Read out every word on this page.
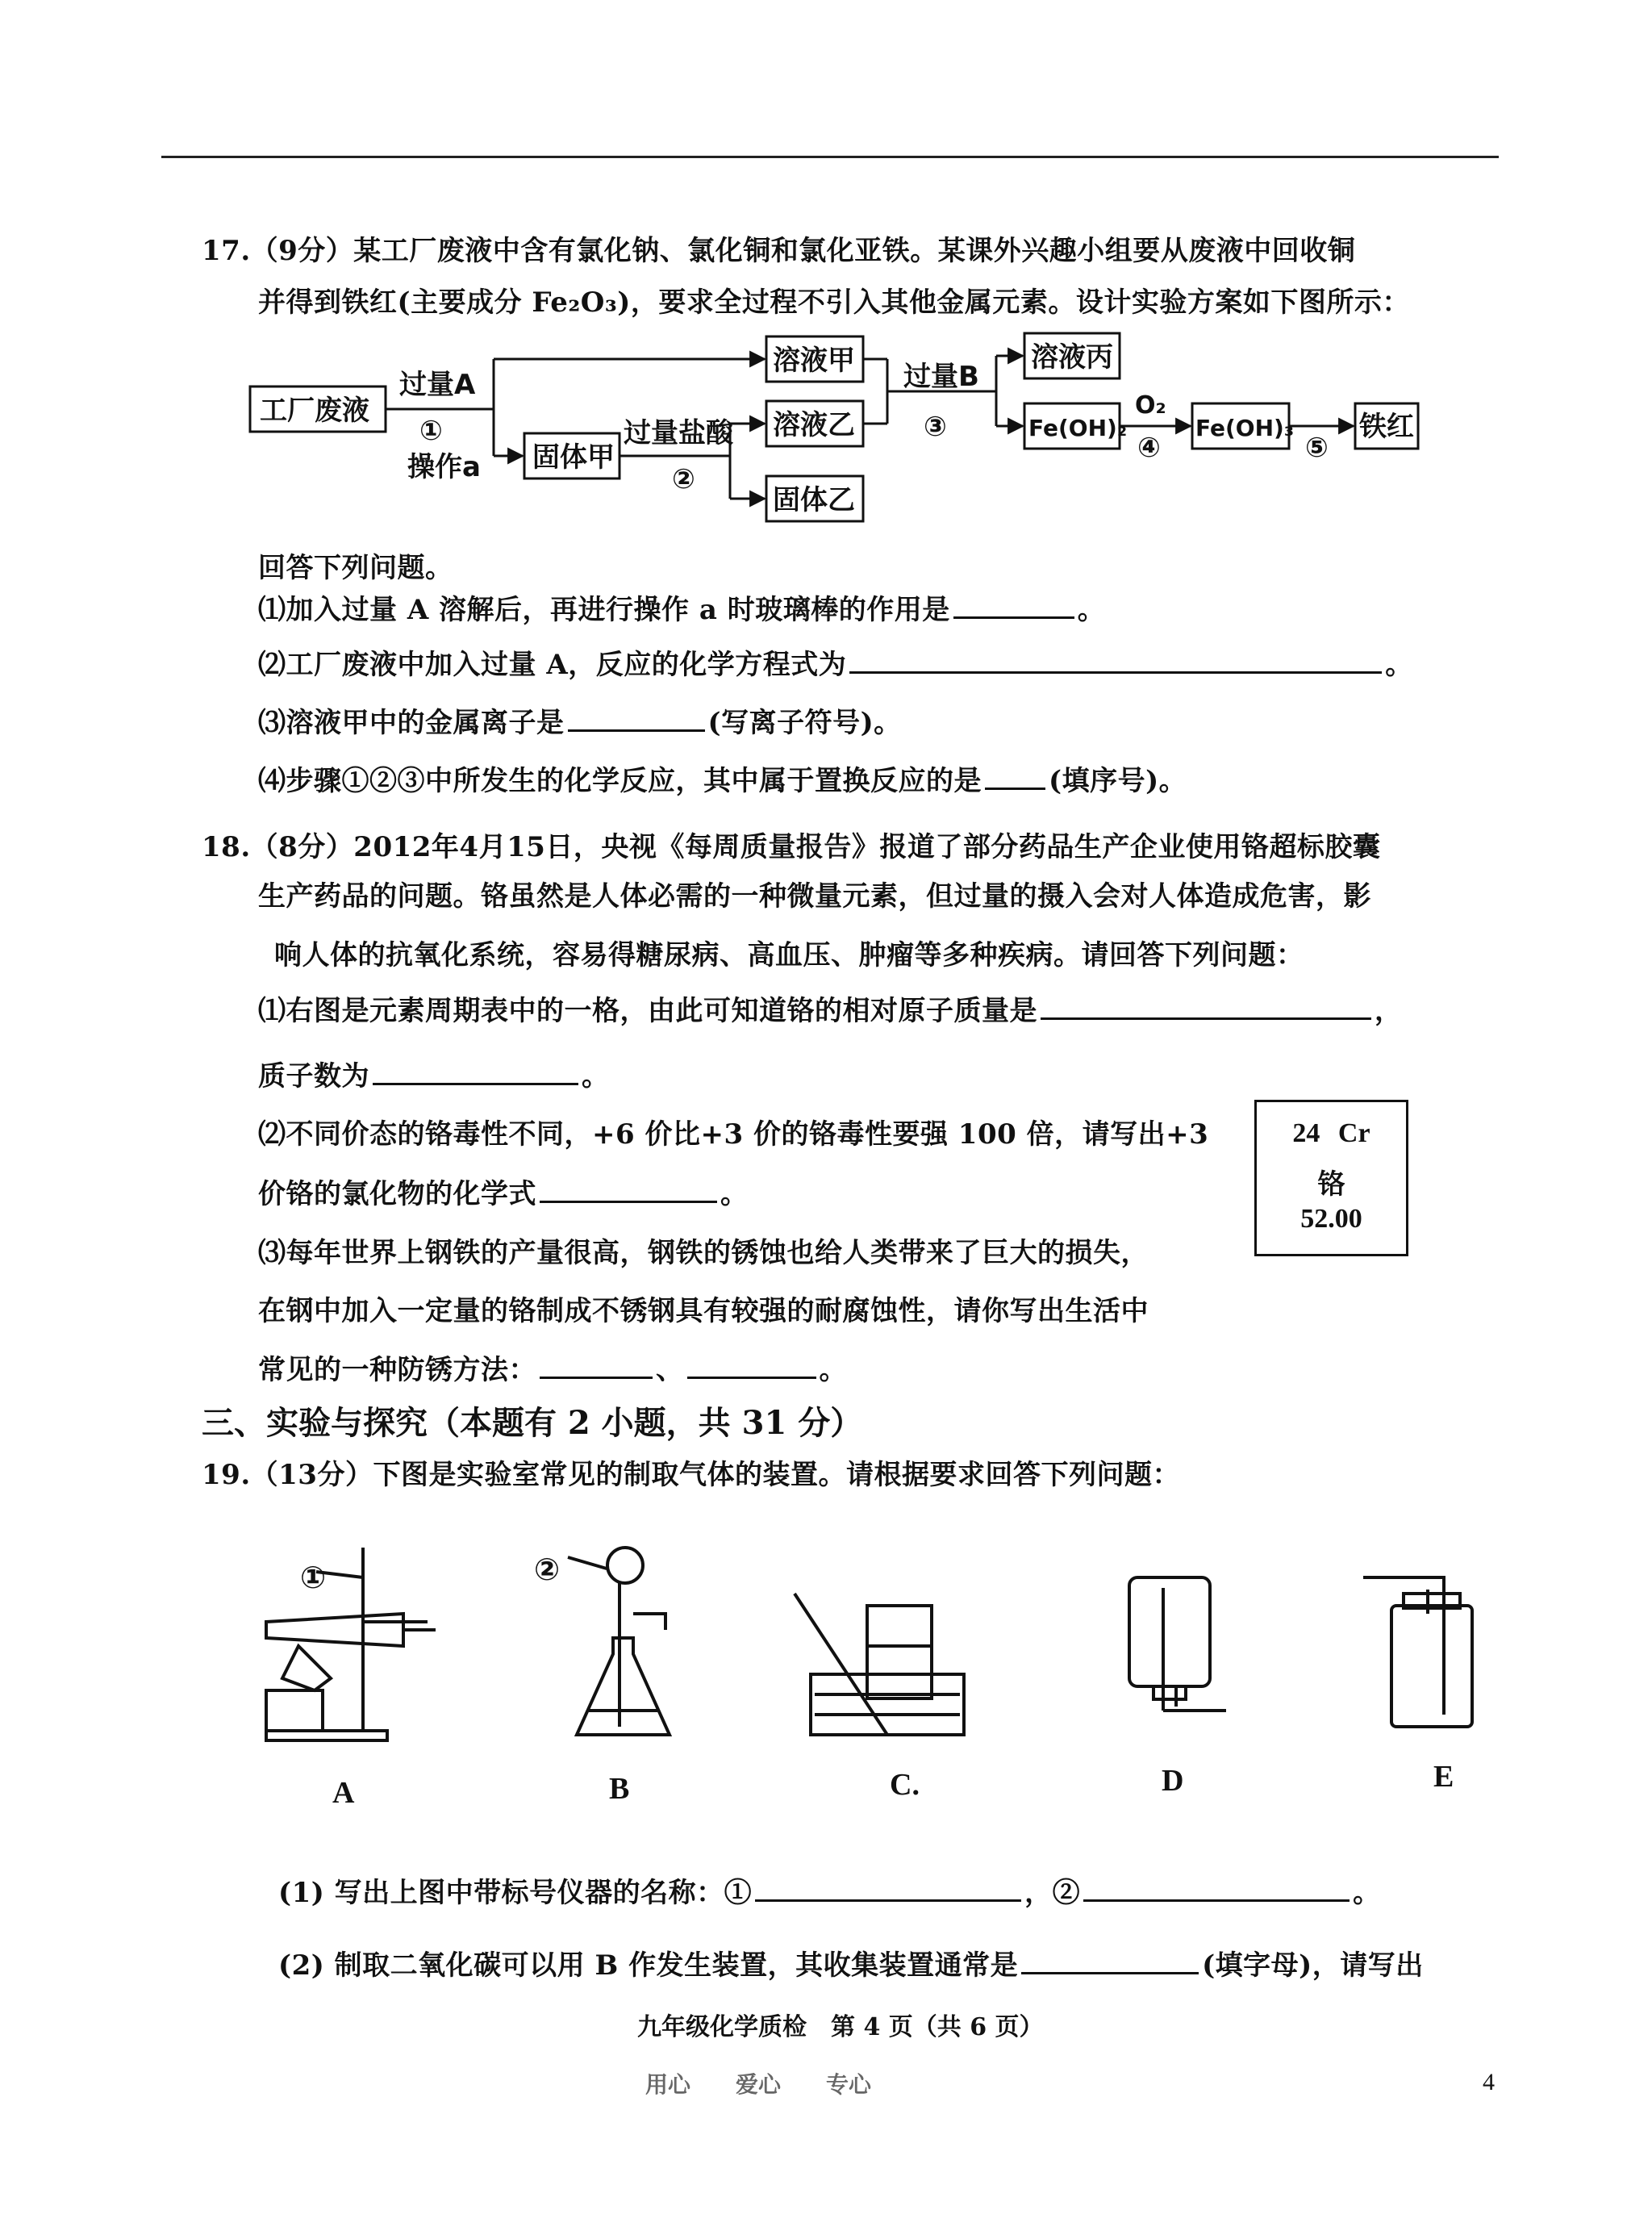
17.（9分）某工厂废液中含有氯化钠、氯化铜和氯化亚铁。某课外兴趣小组要从废液中回收铜
并得到铁红(主要成分 Fe₂O₃)，要求全过程不引入其他金属元素。设计实验方案如下图所示：
工厂废液
过量A
①
操作a 固体甲
过量盐酸
②
溶液甲
溶液乙
固体乙
过量B
③
溶液丙
Fe(OH)₂
O₂
④
Fe(OH)₃
⑤
铁红
回答下列问题。
⑴加入过量 A 溶解后，再进行操作 a 时玻璃棒的作用是	。
⑵工厂废液中加入过量 A，反应的化学方程式为	。
⑶溶液甲中的金属离子是	(写离子符号)。
⑷步骤①②③中所发生的化学反应，其中属于置换反应的是 (填序号)。
18.（8分）2012年4月15日，央视《每周质量报告》报道了部分药品生产企业使用铬超标胶囊
生产药品的问题。铬虽然是人体必需的一种微量元素，但过量的摄入会对人体造成危害，影
响人体的抗氧化系统，容易得糖尿病、高血压、肿瘤等多种疾病。请回答下列问题：
⑴右图是元素周期表中的一格，由此可知道铬的相对原子质量是	，
质子数为	。
⑵不同价态的铬毒性不同，+6 价比+3 价的铬毒性要强 100 倍，请写出+3
价铬的氯化物的化学式	。
⑶每年世界上钢铁的产量很高，钢铁的锈蚀也给人类带来了巨大的损失，
在钢中加入一定量的铬制成不锈钢具有较强的耐腐蚀性，请你写出生活中
常见的一种防锈方法：	、	。
24 Cr
铬
52.00
三、实验与探究（本题有 2 小题，共 31 分）
19.（13分）下图是实验室常见的制取气体的装置。请根据要求回答下列问题：
①	②
A	B	C.	D	E
(1) 写出上图中带标号仪器的名称：①	，②	。
(2) 制取二氧化碳可以用 B 作发生装置，其收集装置通常是	(填字母)，请写出
九年级化学质检　第 4 页（共 6 页）
用心　　爱心　　专心	4
